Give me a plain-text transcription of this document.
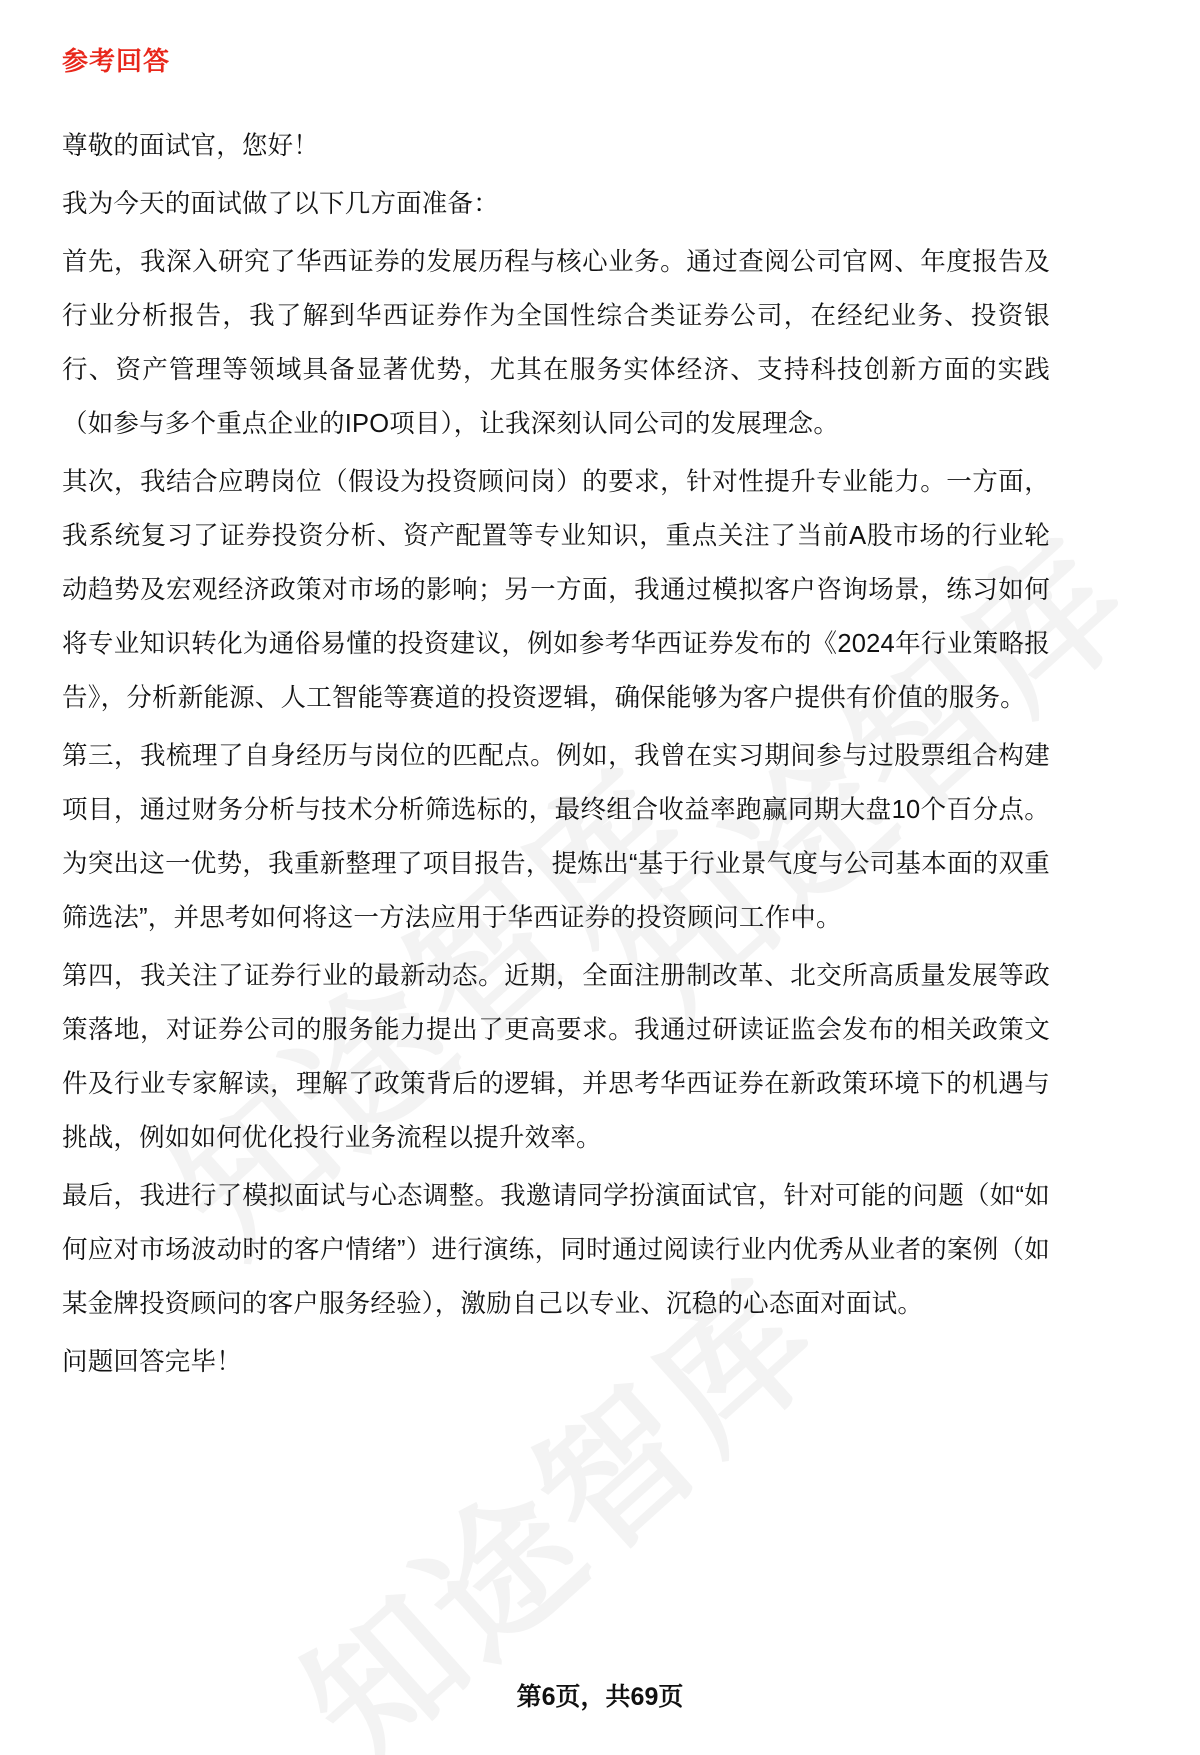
参考回答

尊敬的面试官，您好！

我为今天的面试做了以下几方面准备：

首先，我深入研究了华西证券的发展历程与核心业务。通过查阅公司官网、年度报告及行业分析报告，我了解到华西证券作为全国性综合类证券公司，在经纪业务、投资银行、资产管理等领域具备显著优势，尤其在服务实体经济、支持科技创新方面的实践（如参与多个重点企业的IPO项目），让我深刻认同公司的发展理念。

其次，我结合应聘岗位（假设为投资顾问岗）的要求，针对性提升专业能力。一方面，我系统复习了证券投资分析、资产配置等专业知识，重点关注了当前A股市场的行业轮动趋势及宏观经济政策对市场的影响；另一方面，我通过模拟客户咨询场景，练习如何将专业知识转化为通俗易懂的投资建议，例如参考华西证券发布的《2024年行业策略报告》，分析新能源、人工智能等赛道的投资逻辑，确保能够为客户提供有价值的服务。

第三，我梳理了自身经历与岗位的匹配点。例如，我曾在实习期间参与过股票组合构建项目，通过财务分析与技术分析筛选标的，最终组合收益率跑赢同期大盘10个百分点。为突出这一优势，我重新整理了项目报告，提炼出“基于行业景气度与公司基本面的双重筛选法”，并思考如何将这一方法应用于华西证券的投资顾问工作中。

第四，我关注了证券行业的最新动态。近期，全面注册制改革、北交所高质量发展等政策落地，对证券公司的服务能力提出了更高要求。我通过研读证监会发布的相关政策文件及行业专家解读，理解了政策背后的逻辑，并思考华西证券在新政策环境下的机遇与挑战，例如如何优化投行业务流程以提升效率。

最后，我进行了模拟面试与心态调整。我邀请同学扮演面试官，针对可能的问题（如“如何应对市场波动时的客户情绪”）进行演练，同时通过阅读行业内优秀从业者的案例（如某金牌投资顾问的客户服务经验），激励自己以专业、沉稳的心态面对面试。

问题回答完毕！

第6页，共69页
